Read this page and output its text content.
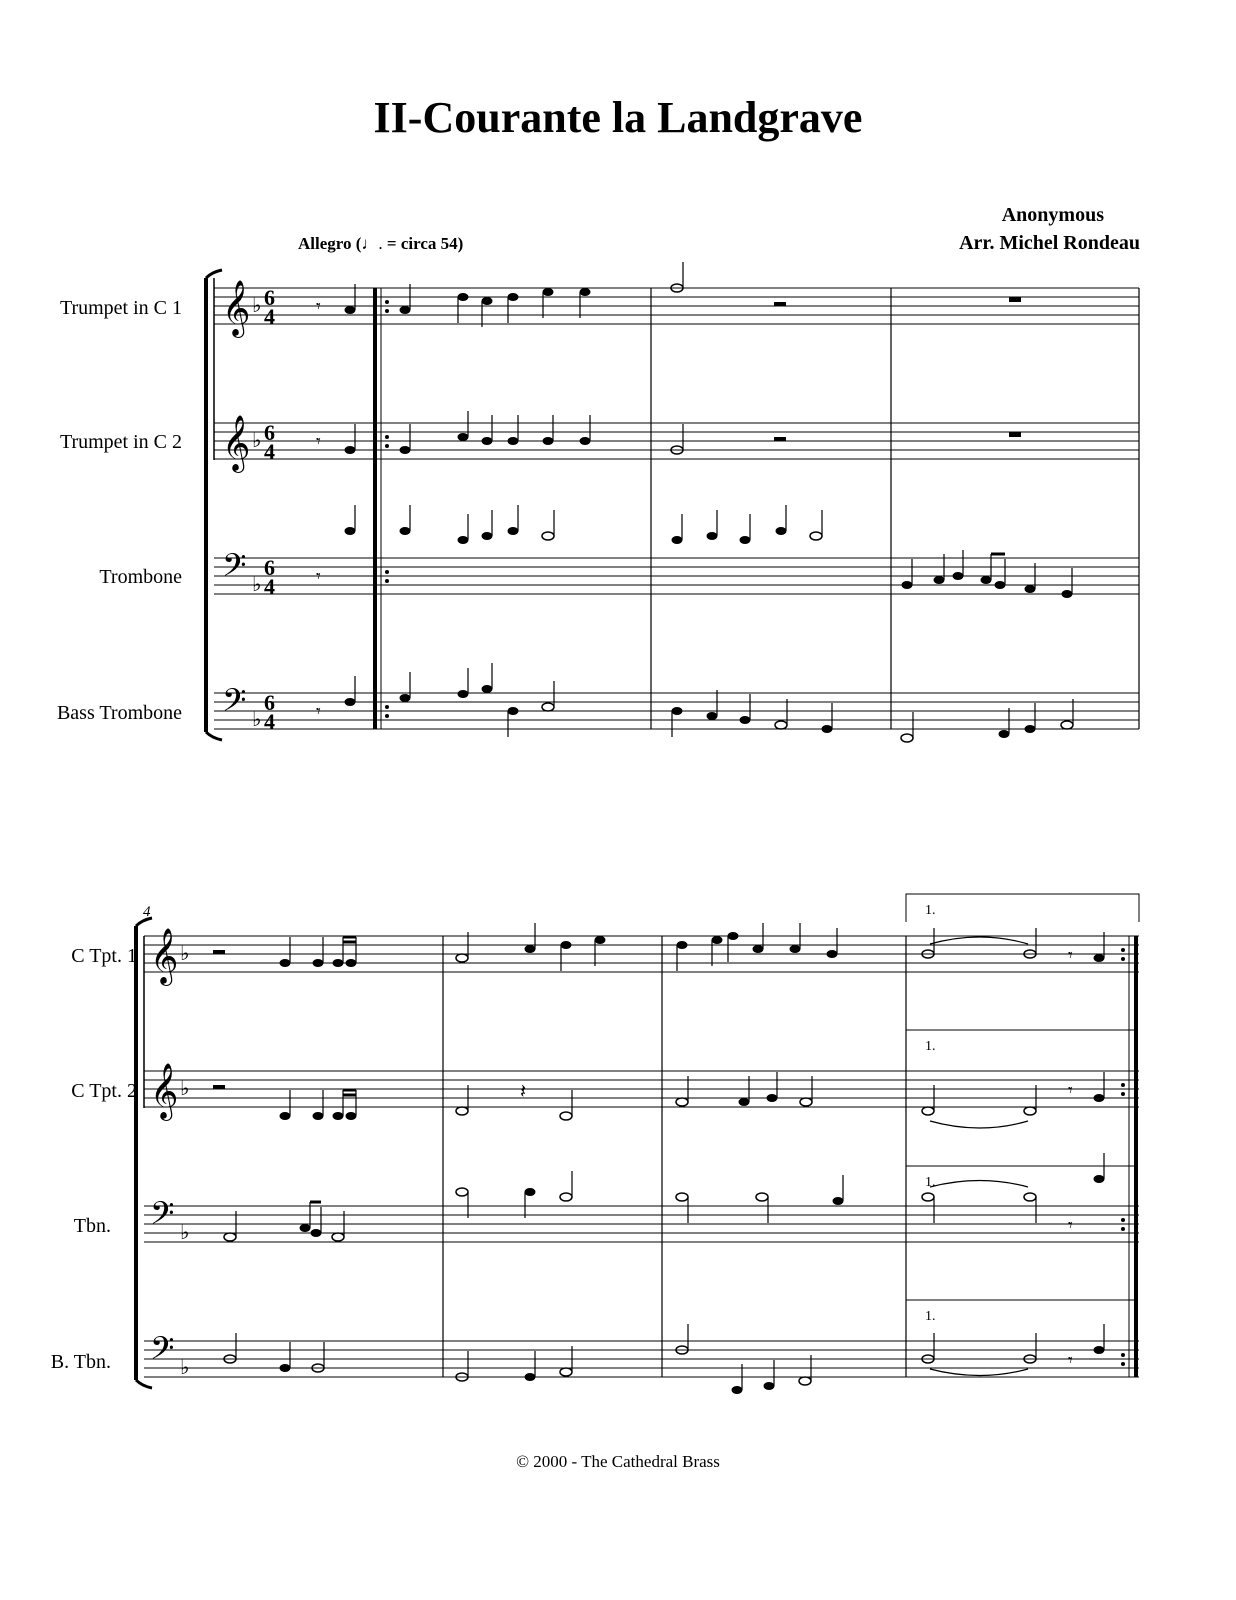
II-Courante la Landgrave
Anonymous
Arr. Michel Rondeau
Allegro (♩. = circa 54)
Trumpet in C 1
Trumpet in C 2
Trombone
Bass Trombone
𝄞
𝄞
𝄢
𝄢
♭
♭
♭
♭
6
4
6
4
6
4
6
4
𝄾
𝄾
𝄾
𝄾
4
C Tpt. 1
C Tpt. 2
Tbn.
B. Tbn.
𝄞
𝄞
𝄢
𝄢
♭
♭
♭
♭
1.
1.
1.
1.
𝄽
𝄾
𝄾
𝄾
𝄾
© 2000 - The Cathedral Brass
